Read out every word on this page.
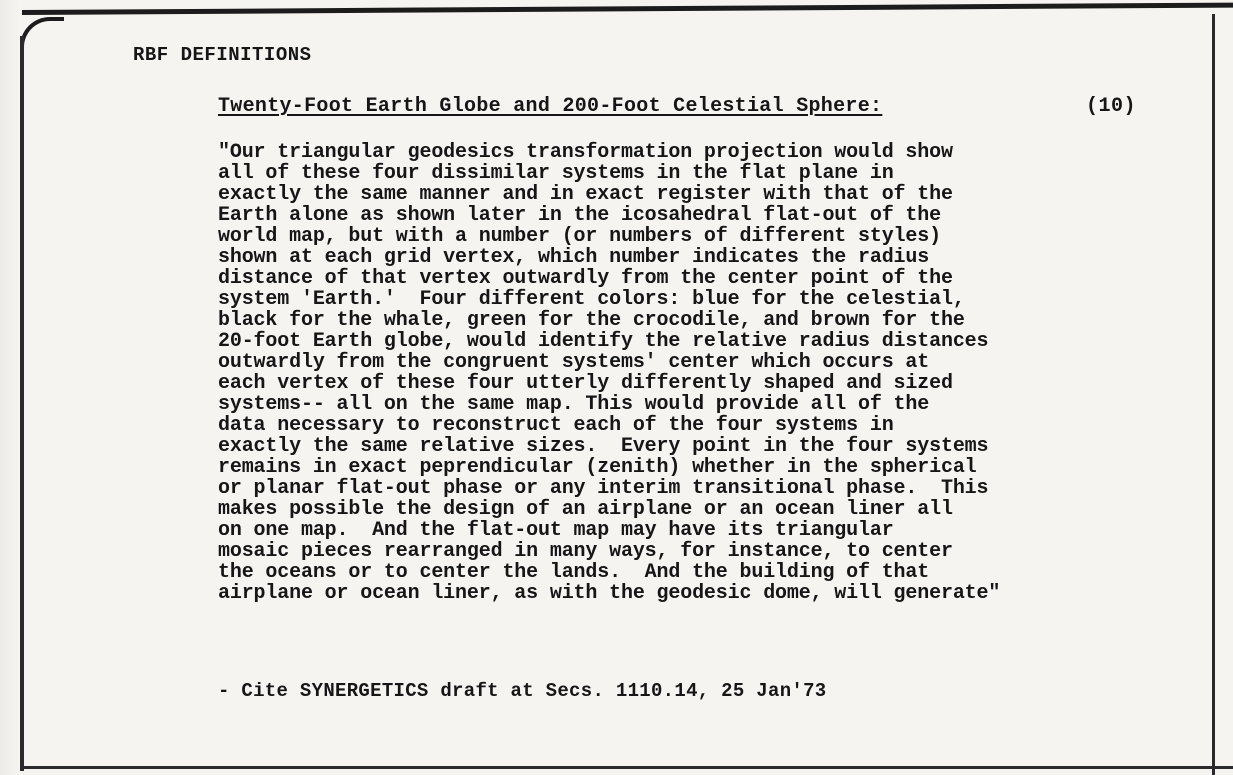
RBF DEFINITIONS
Twenty-Foot Earth Globe and 200-Foot Celestial Sphere:	(10)
"Our triangular geodesics transformation projection would show
all of these four dissimilar systems in the flat plane in
exactly the same manner and in exact register with that of the
Earth alone as shown later in the icosahedral flat-out of the
world map, but with a number (or numbers of different styles)
shown at each grid vertex, which number indicates the radius
distance of that vertex outwardly from the center point of the
system 'Earth.'  Four different colors: blue for the celestial,
black for the whale, green for the crocodile, and brown for the
20-foot Earth globe, would identify the relative radius distances
outwardly from the congruent systems' center which occurs at
each vertex of these four utterly differently shaped and sized
systems-- all on the same map. This would provide all of the
data necessary to reconstruct each of the four systems in
exactly the same relative sizes.  Every point in the four systems
remains in exact peprendicular (zenith) whether in the spherical
or planar flat-out phase or any interim transitional phase.  This
makes possible the design of an airplane or an ocean liner all
on one map.  And the flat-out map may have its triangular
mosaic pieces rearranged in many ways, for instance, to center
the oceans or to center the lands.  And the building of that
airplane or ocean liner, as with the geodesic dome, will generate"
- Cite SYNERGETICS draft at Secs. 1110.14, 25 Jan'73
